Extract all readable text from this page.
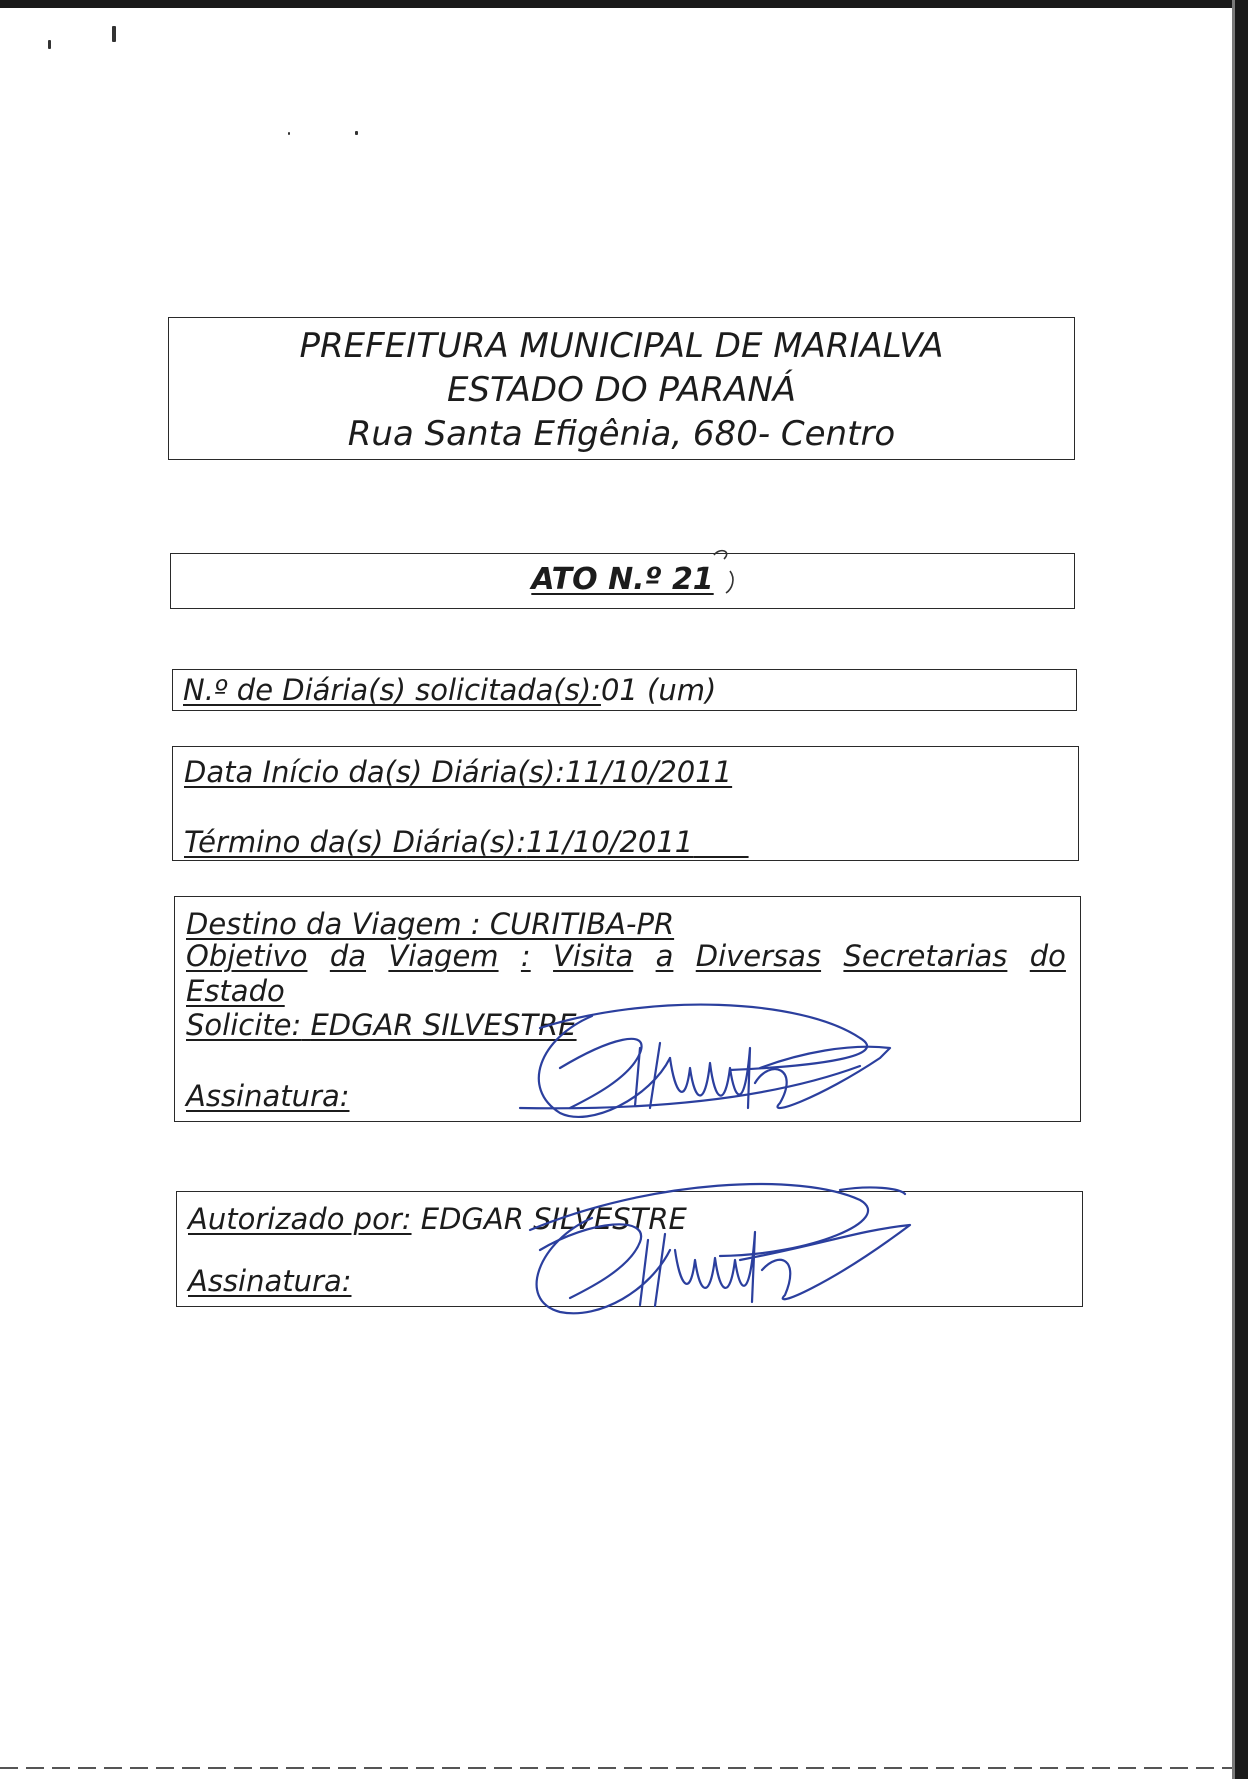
PREFEITURA MUNICIPAL DE MARIALVA
ESTADO DO PARANÁ
Rua Santa Efigênia, 680- Centro
ATO N.º 21
N.º de Diária(s) solicitada(s):01 (um)
Data Início da(s) Diária(s):11/10/2011
Término da(s) Diária(s):11/10/2011
Destino da Viagem : CURITIBA-PR
Objetivo da Viagem : Visita a Diversas Secretarias do
Estado
Solicite: EDGAR SILVESTRE
Assinatura:
Autorizado por: EDGAR SILVESTRE
Assinatura:
